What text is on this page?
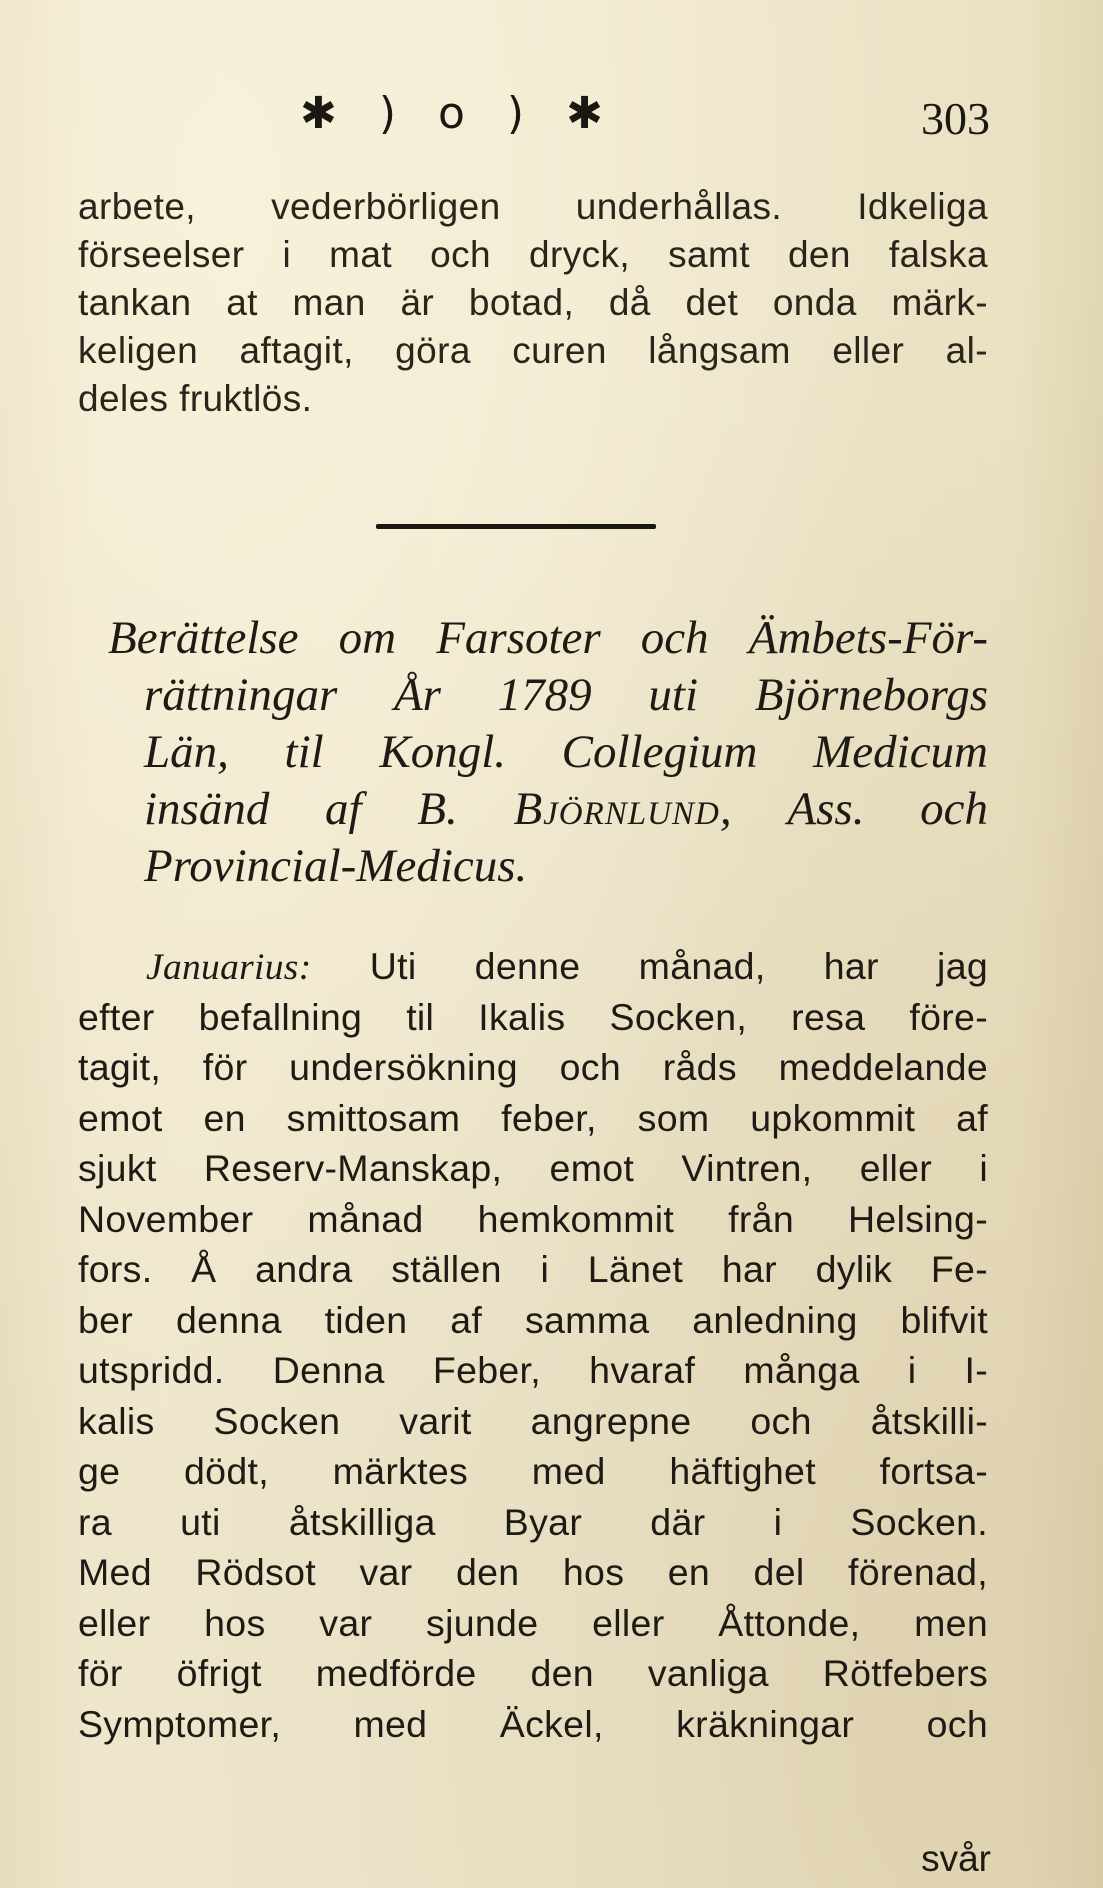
✱ ) o ) ✱	303
arbete, vederbörligen underhållas. Idkeliga
förseelser i mat och dryck, samt den falska
tankan at man är botad, då det onda märk-
keligen aftagit, göra curen långsam eller al-
deles fruktlös.
Berättelse om Farsoter och Ämbets-För-
rättningar År 1789 uti Björneborgs
Län, til Kongl. Collegium Medicum
insänd af B. Björnlund, Ass. och
Provincial-Medicus.
Januarius: Uti denne månad, har jag
efter befallning til Ikalis Socken, resa före-
tagit, för undersökning och råds meddelande
emot en smittosam feber, som upkommit af
sjukt Reserv-Manskap, emot Vintren, eller i
November månad hemkommit från Helsing-
fors. Å andra ställen i Länet har dylik Fe-
ber denna tiden af samma anledning blifvit
utspridd. Denna Feber, hvaraf många i I-
kalis Socken varit angrepne och åtskilli-
ge dödt, märktes med häftighet fortsa-
ra uti åtskilliga Byar där i Socken.
Med Rödsot var den hos en del förenad,
eller hos var sjunde eller Åttonde, men
för öfrigt medförde den vanliga Rötfebers
Symptomer, med Äckel, kräkningar och
svår
